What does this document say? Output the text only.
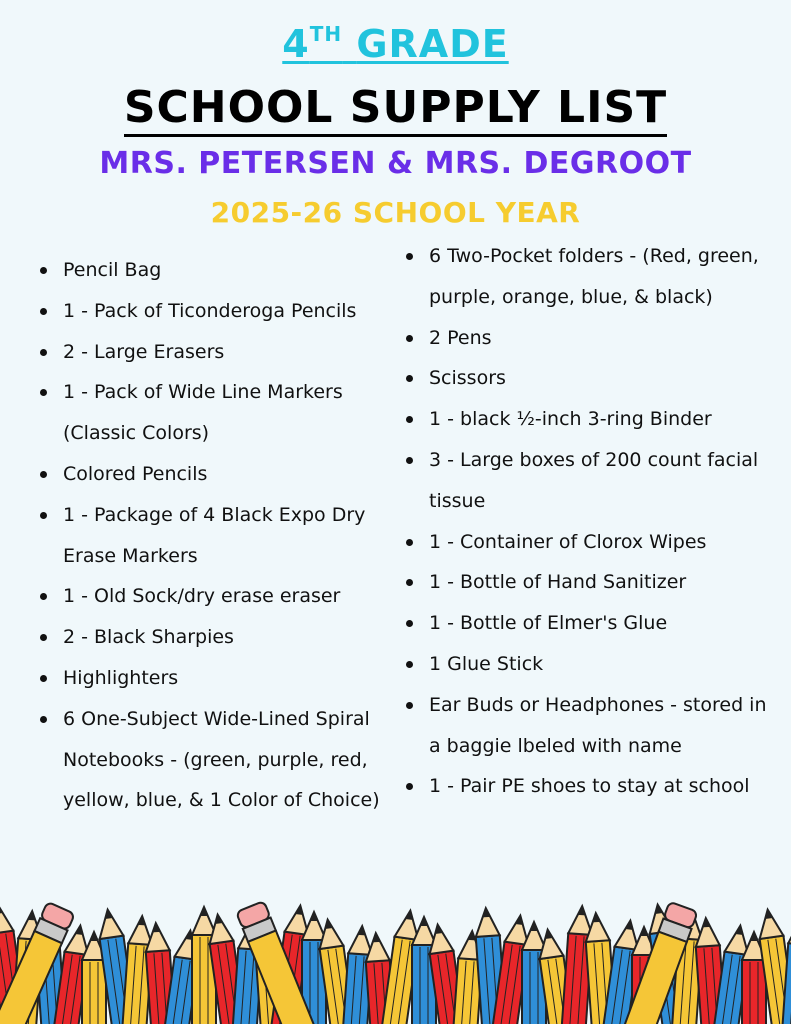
4TH GRADE
SCHOOL SUPPLY LIST
MRS. PETERSEN & MRS. DEGROOT
2025-26 SCHOOL YEAR
Pencil Bag
1 - Pack of Ticonderoga Pencils
2 - Large Erasers
1 - Pack of Wide Line Markers (Classic Colors)
Colored Pencils
1 - Package of 4 Black Expo Dry Erase Markers
1 - Old Sock/dry erase eraser
2 - Black Sharpies
Highlighters
6 One-Subject Wide-Lined Spiral Notebooks - (green, purple, red, yellow, blue, & 1 Color of Choice)
6 Two-Pocket folders - (Red, green, purple, orange, blue, & black)
2 Pens
Scissors
1 - black ½-inch 3-ring Binder
3 - Large boxes of 200 count facial tissue
1 - Container of Clorox Wipes
1 - Bottle of Hand Sanitizer
1 - Bottle of Elmer's Glue
1 Glue Stick
Ear Buds or Headphones - stored in a baggie lbeled with name
1 - Pair PE shoes to stay at school
